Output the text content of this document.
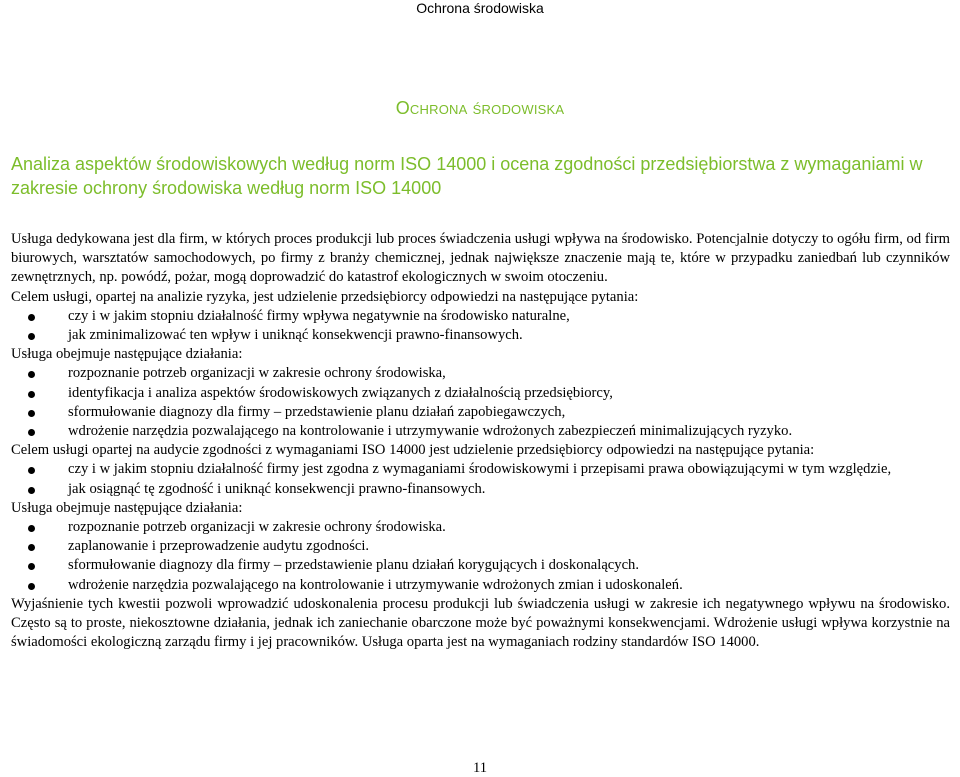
Ochrona środowiska
Ochrona środowiska
Analiza aspektów środowiskowych według norm ISO 14000 i ocena zgodności przedsiębiorstwa z wymaganiami w zakresie ochrony środowiska według norm ISO 14000

Usługa dedykowana jest dla firm, w których proces produkcji lub proces świadczenia usługi wpływa na środowisko. Potencjalnie dotyczy to ogółu firm, od firm biurowych, warsztatów samochodowych, po firmy z branży chemicznej, jednak największe znaczenie mają te, które w przypadku zaniedbań lub czynników zewnętrznych, np. powódź, pożar, mogą doprowadzić do katastrof ekologicznych w swoim otoczeniu.

Celem usługi, opartej na analizie ryzyka, jest udzielenie przedsiębiorcy odpowiedzi na następujące pytania:

czy i w jakim stopniu działalność firmy wpływa negatywnie na środowisko naturalne,
jak zminimalizować ten wpływ i uniknąć konsekwencji prawno-finansowych.

Usługa obejmuje następujące działania:

rozpoznanie potrzeb organizacji w zakresie ochrony środowiska,
identyfikacja i analiza aspektów środowiskowych związanych z działalnością przedsiębiorcy,
sformułowanie diagnozy dla firmy – przedstawienie planu działań zapobiegawczych,
wdrożenie narzędzia pozwalającego na kontrolowanie i utrzymywanie wdrożonych zabezpieczeń minimalizujących ryzyko.

Celem usługi opartej na audycie zgodności z wymaganiami ISO 14000 jest udzielenie przedsiębiorcy odpowiedzi na następujące pytania:

czy i w jakim stopniu działalność firmy jest zgodna z wymaganiami środowiskowymi i przepisami prawa obowiązującymi w tym względzie,
jak osiągnąć tę zgodność i uniknąć konsekwencji prawno-finansowych.

Usługa obejmuje następujące działania:

rozpoznanie potrzeb organizacji w zakresie ochrony środowiska.
zaplanowanie i przeprowadzenie audytu zgodności.
sformułowanie diagnozy dla firmy – przedstawienie planu działań korygujących i doskonalących.
wdrożenie narzędzia pozwalającego na kontrolowanie i utrzymywanie wdrożonych zmian i udoskonaleń.

Wyjaśnienie tych kwestii pozwoli wprowadzić udoskonalenia procesu produkcji lub świadczenia usługi w zakresie ich negatywnego wpływu na środowisko. Często są to proste, niekosztowne działania, jednak ich zaniechanie obarczone może być poważnymi konsekwencjami. Wdrożenie usługi wpływa korzystnie na świadomości ekologiczną zarządu firmy i jej pracowników. Usługa oparta jest na wymaganiach rodziny standardów ISO 14000.

11
